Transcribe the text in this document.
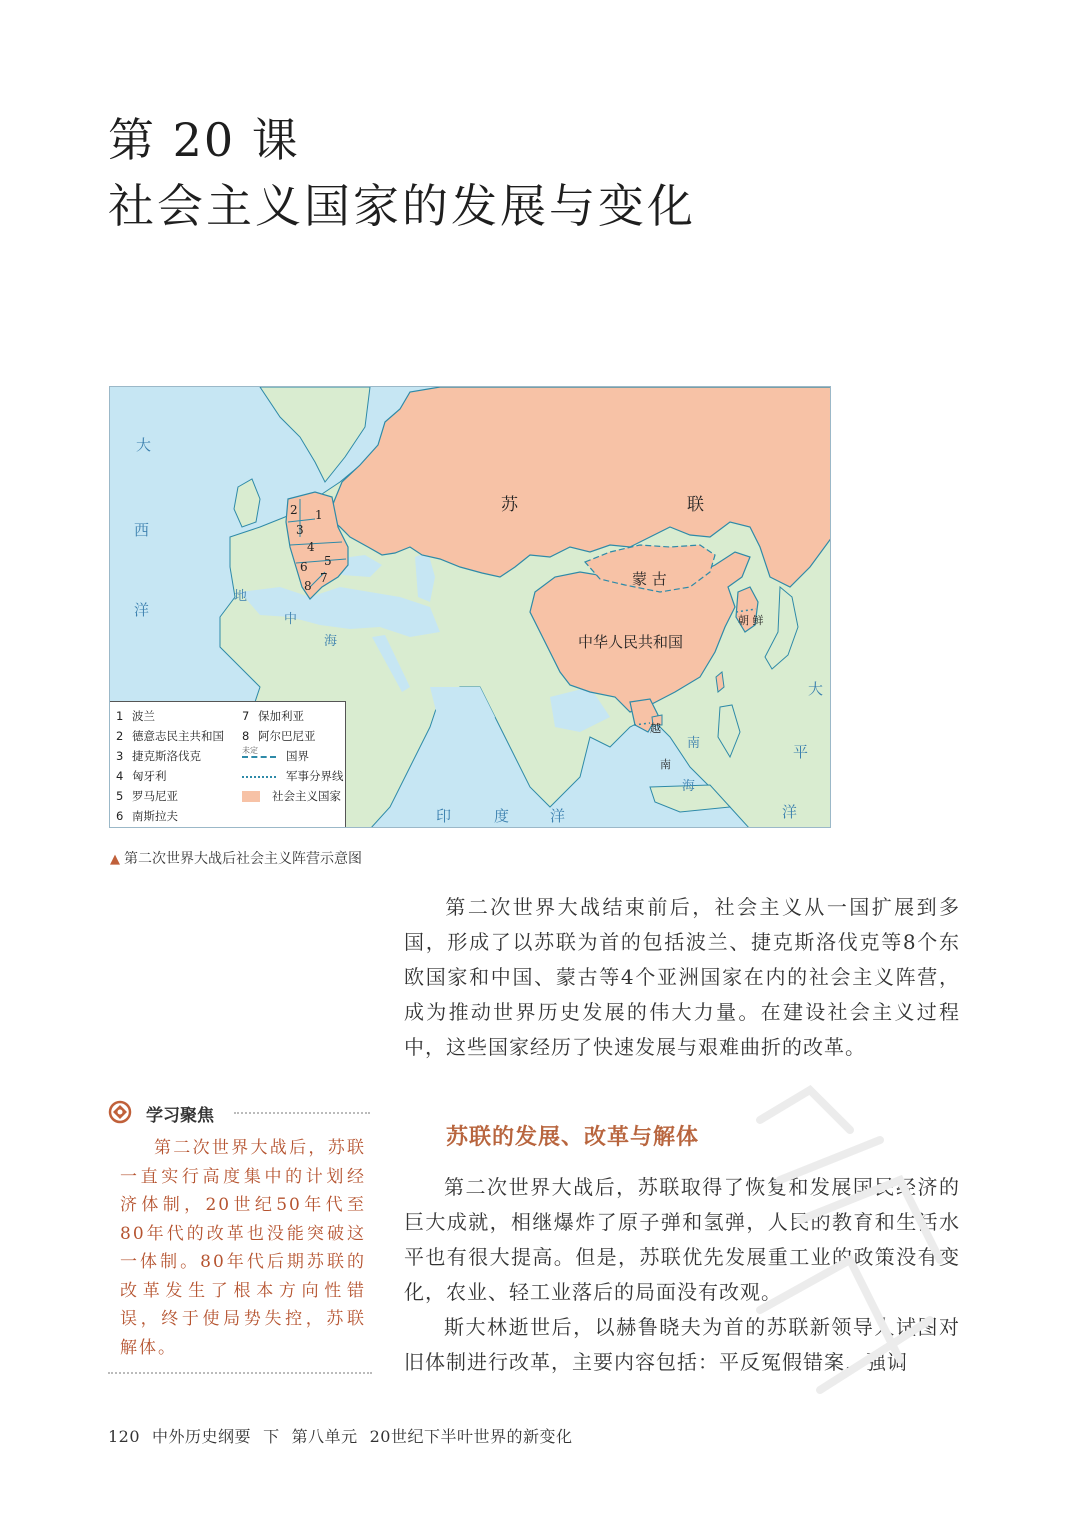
第 20 课
社会主义国家的发展与变化
苏	联
蒙 古
中华人民共和国
朝 鲜
越
南
大
西
洋
地
中
海
印	度	洋
大
平
洋
南
海
1
2
3
4
5
6
7
8
1 波兰
2 德意志民主共和国
3 捷克斯洛伐克
4 匈牙利
5 罗马尼亚
6 南斯拉夫
7 保加利亚
8 阿尔巴尼亚
未定 国界
军事分界线
社会主义国家
▲ 第二次世界大战后社会主义阵营示意图

第二次世界大战结束前后，社会主义从一国扩展到多国，形成了以苏联为首的包括波兰、捷克斯洛伐克等8个东欧国家和中国、蒙古等4个亚洲国家在内的社会主义阵营，成为推动世界历史发展的伟大力量。在建设社会主义过程中，这些国家经历了快速发展与艰难曲折的改革。

学习聚焦

第二次世界大战后，苏联一直实行高度集中的计划经济体制，20世纪50年代至80年代的改革也没能突破这一体制。80年代后期苏联的改革发生了根本方向性错误，终于使局势失控，苏联解体。

苏联的发展、改革与解体

第二次世界大战后，苏联取得了恢复和发展国民经济的巨大成就，相继爆炸了原子弹和氢弹，人民的教育和生活水平也有很大提高。但是，苏联优先发展重工业的政策没有变化，农业、轻工业落后的局面没有改观。

斯大林逝世后，以赫鲁晓夫为首的苏联新领导人试图对旧体制进行改革，主要内容包括：平反冤假错案，强调

120 中外历史纲要 下 第八单元 20世纪下半叶世界的新变化
